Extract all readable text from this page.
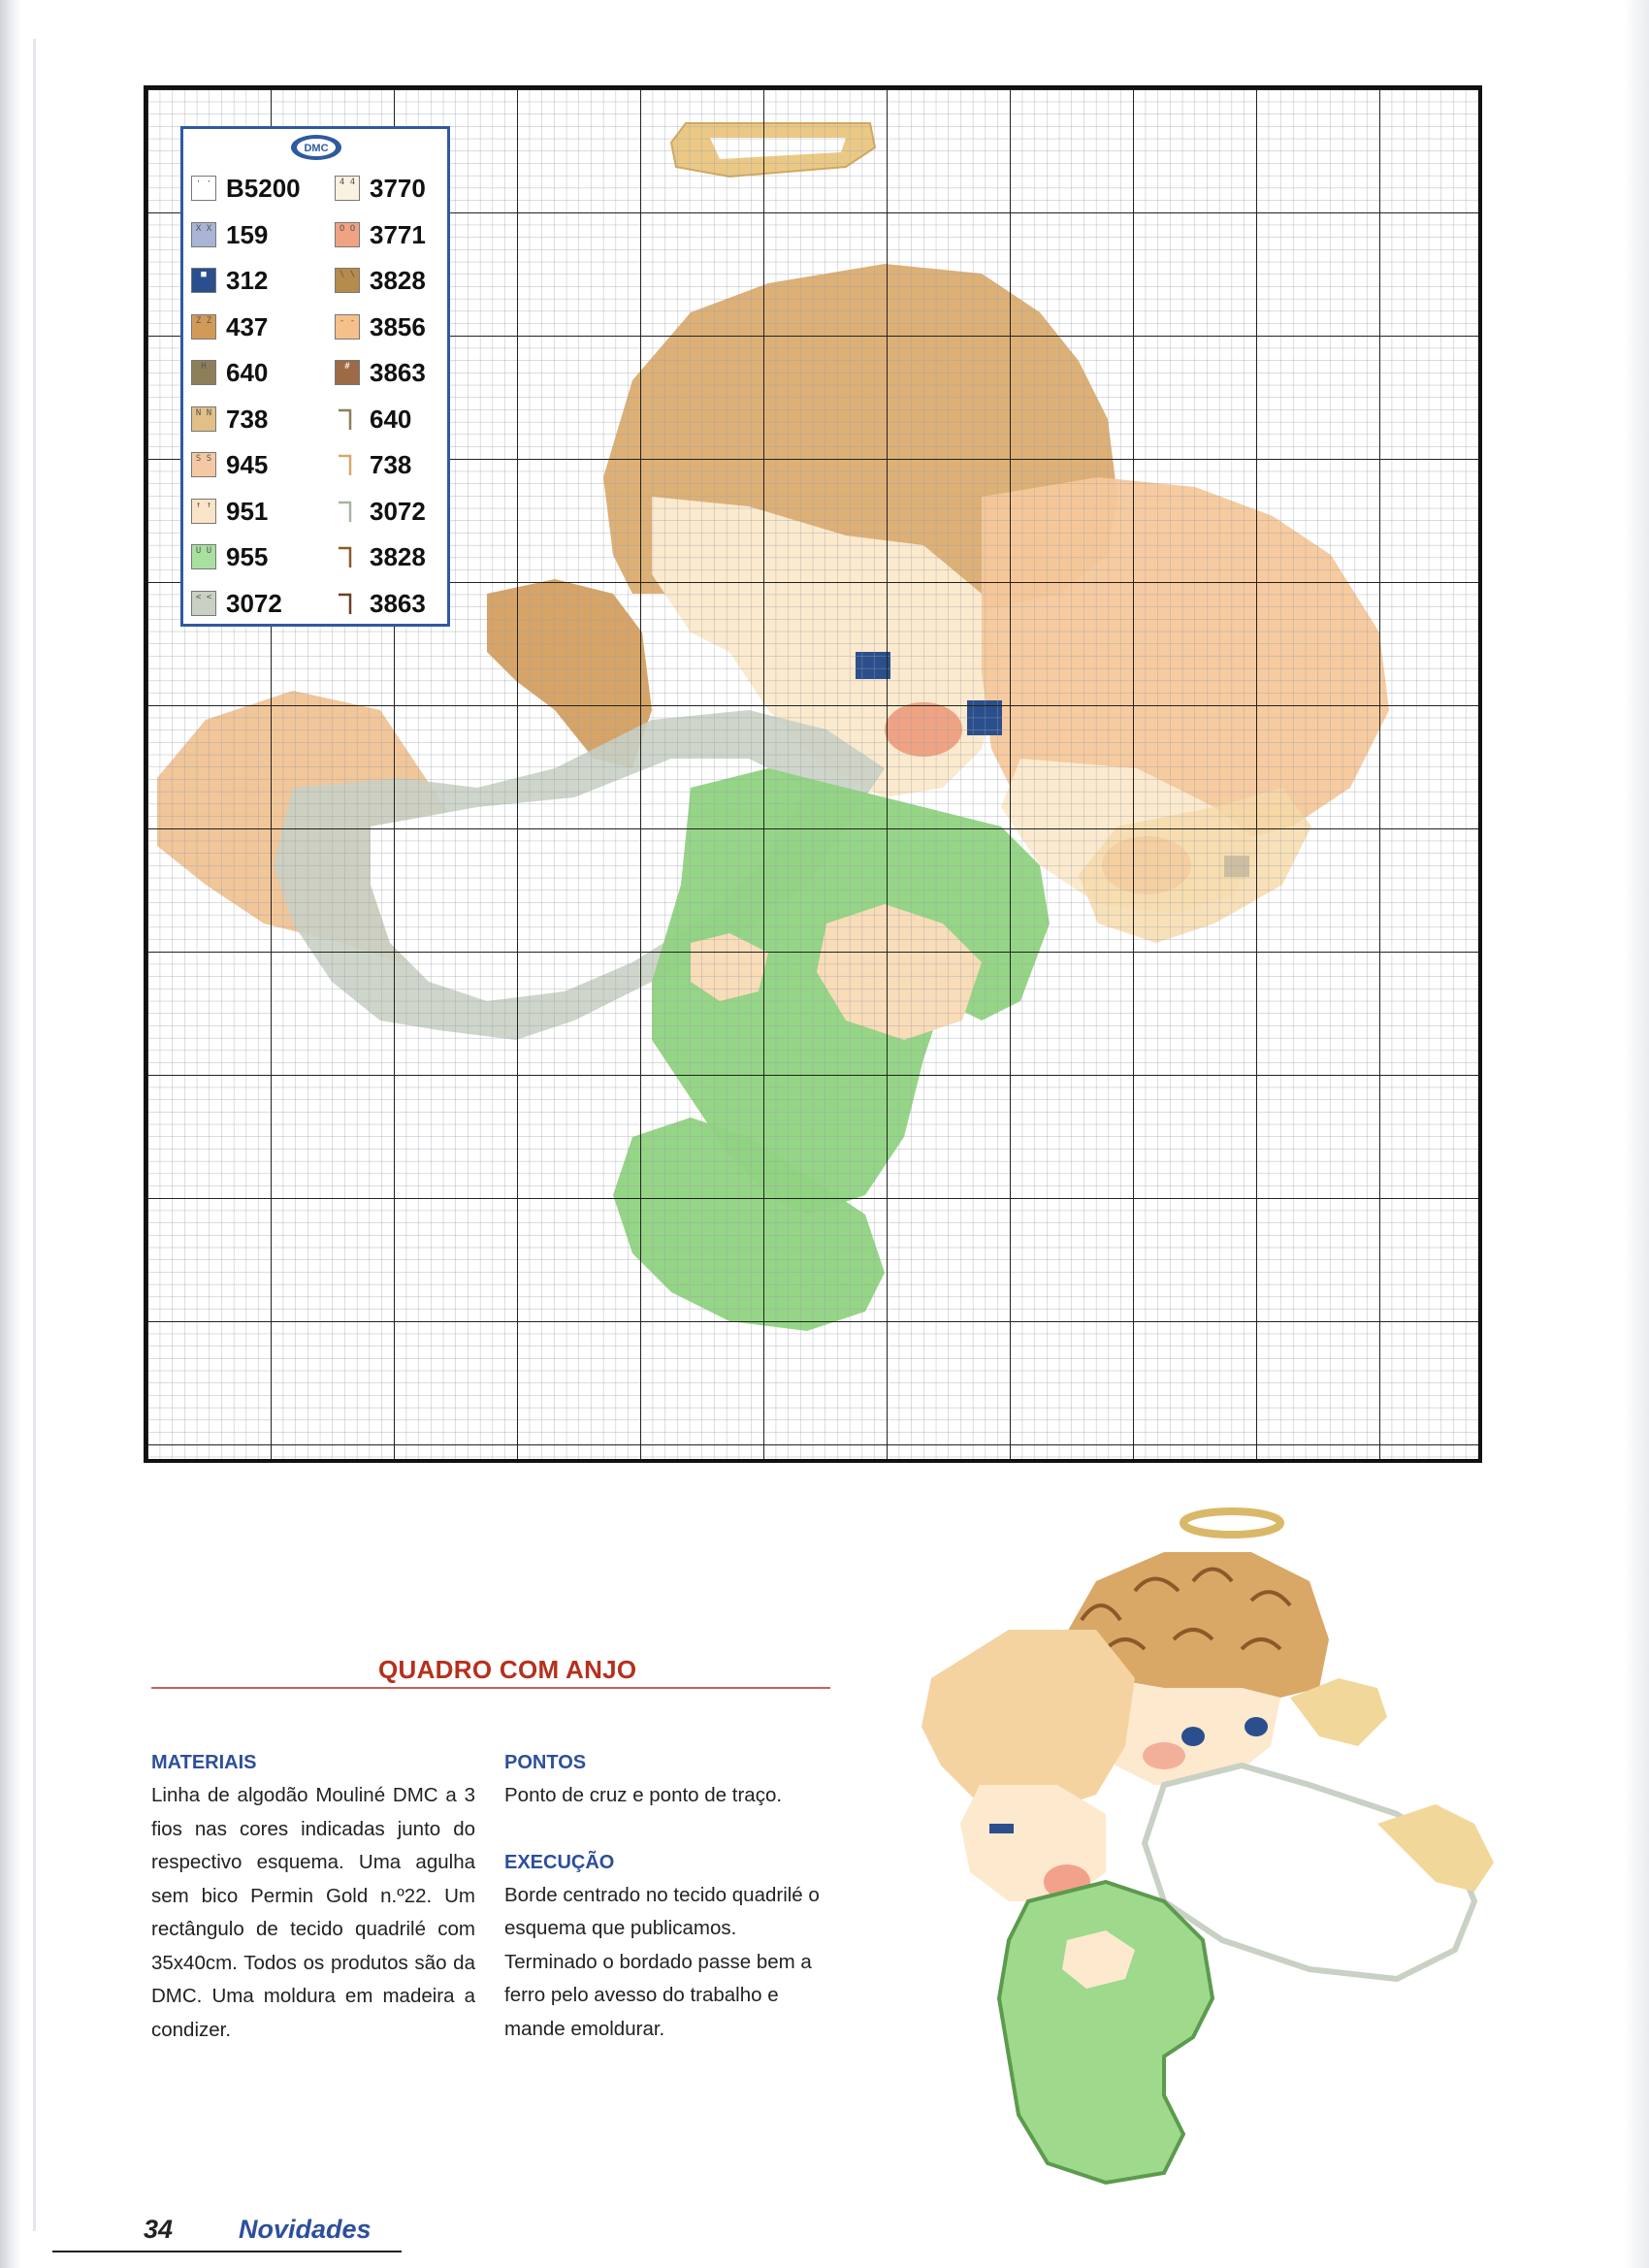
DMC
· · B5200
X X 159
■ 312
Z Z 437
H 640
N N 738
S S 945
↑ ↑ 951
U U 955
< < 3072
4 4 3770
O O 3771
\ \ 3828
- - 3856
# 3863
640
738
3072
3828
3863
QUADRO COM ANJO

MATERIAIS

Linha de algodão Mouliné DMC a 3 fios nas cores indicadas junto do respectivo esquema. Uma agulha sem bico Permin Gold n.º22. Um rectângulo de tecido quadrilé com 35x40cm. Todos os produtos são da DMC. Uma moldura em madeira a condizer.

PONTOS

Ponto de cruz e ponto de traço.

EXECUÇÃO

Borde centrado no tecido quadrilé o esquema que publicamos. Terminado o bordado passe bem a ferro pelo avesso do trabalho e mande emoldurar.

34	Novidades
